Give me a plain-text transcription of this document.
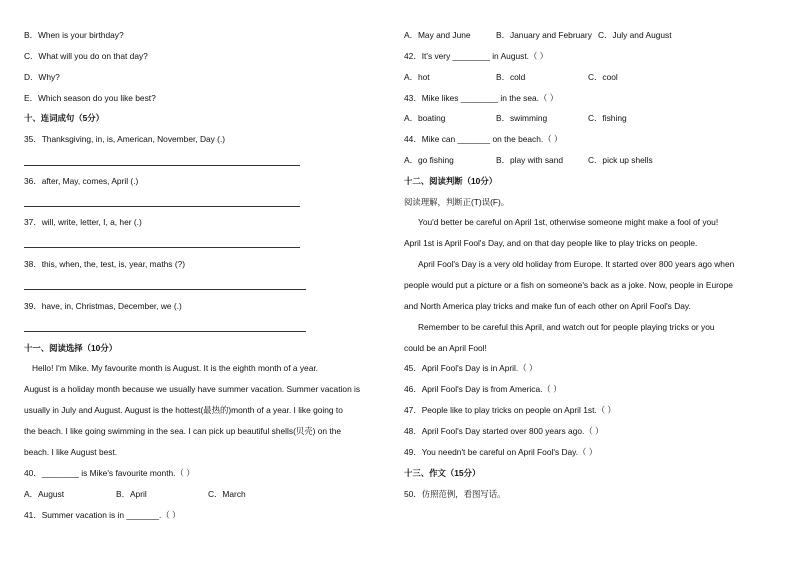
B．When is your birthday?
C．What will you do on that day?
D．Why?
E．Which season do you like best?
十、连词成句（5分）
35．Thanksgiving, in, is, American, November, Day (.)
36．after, May, comes, April (.)
37．will, write, letter, I, a, her (.)
38．this, when, the, test, is, year, maths (?)
39．have, in, Christmas, December, we (.)
十一、阅读选择（10分）
Hello! I'm Mike. My favourite month is August. It is the eighth month of a year.
August is a holiday month because we usually have summer vacation. Summer vacation is
usually in July and August. August is the hottest(最热的)month of a year. I like going to
the beach. I like going swimming in the sea. I can pick up beautiful shells(贝壳) on the
beach. I like August best.
40．________ is Mike's favourite month.（ ）
A．August	B．April	C．March
41．Summer vacation is in _______.（ ）
A．May and June	B．January and February C．July and August
42．It's very ________ in August.（ ）
A．hot	B．cold	C．cool
43．Mike likes ________ in the sea.（ ）
A．boating	B．swimming	C．fishing
44．Mike can _______ on the beach.（ ）
A．go fishing	B．play with sand	C．pick up shells
十二、阅读判断（10分）
阅读理解，判断正(T)误(F)。
You'd better be careful on April 1st, otherwise someone might make a fool of you!
April 1st is April Fool's Day, and on that day people like to play tricks on people.
April Fool's Day is a very old holiday from Europe. It started over 800 years ago when
people would put a picture or a fish on someone's back as a joke. Now, people in Europe
and North America play tricks and make fun of each other on April Fool's Day.
Remember to be careful this April, and watch out for people playing tricks or you
could be an April Fool!
45．April Fool's Day is in April.（ ）
46．April Fool's Day is from America.（ ）
47．People like to play tricks on people on April 1st.（ ）
48．April Fool's Day started over 800 years ago.（ ）
49．You needn't be careful on April Fool's Day.（ ）
十三、作文（15分）
50．仿照范例，看图写话。
